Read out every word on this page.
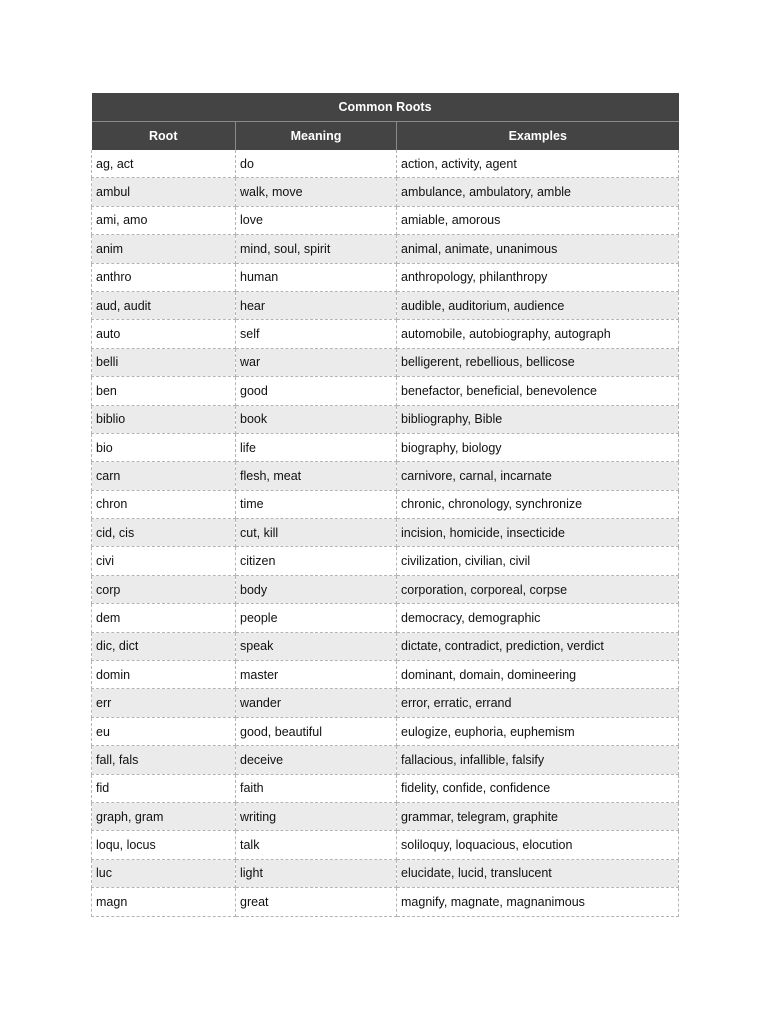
Common Roots		
Root	Meaning	Examples
ag, act	do	action, activity, agent
ambul	walk, move	ambulance, ambulatory, amble
ami, amo	love	amiable, amorous
anim	mind, soul, spirit	animal, animate, unanimous
anthro	human	anthropology, philanthropy
aud, audit	hear	audible, auditorium, audience
auto	self	automobile, autobiography, autograph
belli	war	belligerent, rebellious, bellicose
ben	good	benefactor, beneficial, benevolence
biblio	book	bibliography, Bible
bio	life	biography, biology
carn	flesh, meat	carnivore, carnal, incarnate
chron	time	chronic, chronology, synchronize
cid, cis	cut, kill	incision, homicide, insecticide
civi	citizen	civilization, civilian, civil
corp	body	corporation, corporeal, corpse
dem	people	democracy, demographic
dic, dict	speak	dictate, contradict, prediction, verdict
domin	master	dominant, domain, domineering
err	wander	error, erratic, errand
eu	good, beautiful	eulogize, euphoria, euphemism
fall, fals	deceive	fallacious, infallible, falsify
fid	faith	fidelity, confide, confidence
graph, gram	writing	grammar, telegram, graphite
loqu, locus	talk	soliloquy, loquacious, elocution
luc	light	elucidate, lucid, translucent
magn	great	magnify, magnate, magnanimous
